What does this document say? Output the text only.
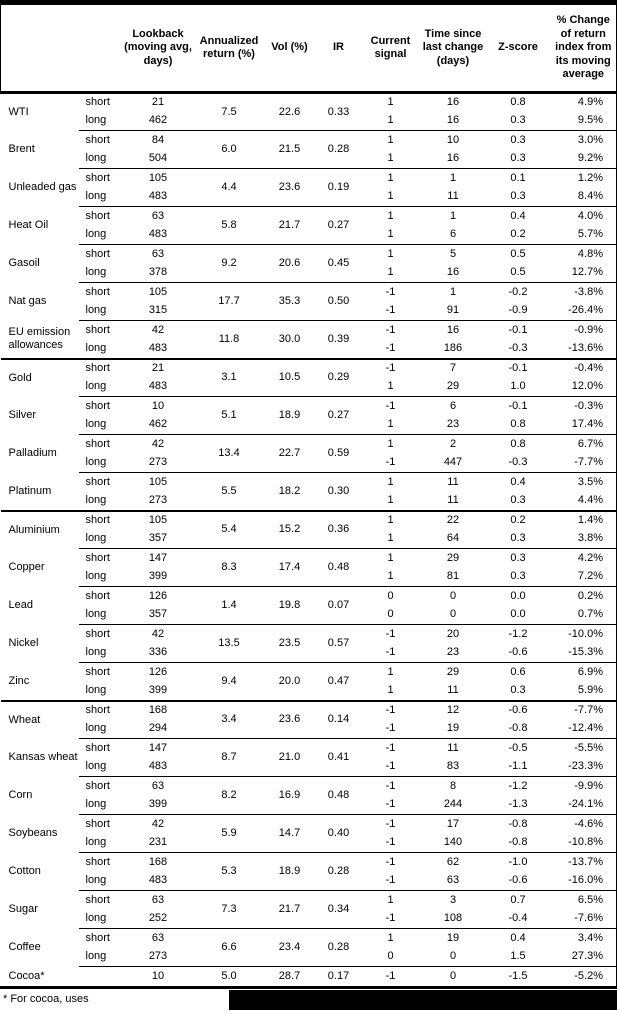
		Lookback (moving avg, days)	Annualized return (%)	Vol (%)	IR	Current signal	Time since last change (days)	Z-score	% Change of return index from its moving average
WTI	short	21	7.5	22.6	0.33	1	16	0.8	4.9%
	long	462				1	16	0.3	9.5%
Brent	short	84	6.0	21.5	0.28	1	10	0.3	3.0%
	long	504				1	16	0.3	9.2%
Unleaded gas	short	105	4.4	23.6	0.19	1	1	0.1	1.2%
	long	483				1	11	0.3	8.4%
Heat Oil	short	63	5.8	21.7	0.27	1	1	0.4	4.0%
	long	483				1	6	0.2	5.7%
Gasoil	short	63	9.2	20.6	0.45	1	5	0.5	4.8%
	long	378				1	16	0.5	12.7%
Nat gas	short	105	17.7	35.3	0.50	-1	1	-0.2	-3.8%
	long	315				-1	91	-0.9	-26.4%
EU emission allowances	short	42	11.8	30.0	0.39	-1	16	-0.1	-0.9%
	long	483				-1	186	-0.3	-13.6%
Gold	short	21	3.1	10.5	0.29	-1	7	-0.1	-0.4%
	long	483				1	29	1.0	12.0%
Silver	short	10	5.1	18.9	0.27	-1	6	-0.1	-0.3%
	long	462				1	23	0.8	17.4%
Palladium	short	42	13.4	22.7	0.59	1	2	0.8	6.7%
	long	273				-1	447	-0.3	-7.7%
Platinum	short	105	5.5	18.2	0.30	1	11	0.4	3.5%
	long	273				1	11	0.3	4.4%
Aluminium	short	105	5.4	15.2	0.36	1	22	0.2	1.4%
	long	357				1	64	0.3	3.8%
Copper	short	147	8.3	17.4	0.48	1	29	0.3	4.2%
	long	399				1	81	0.3	7.2%
Lead	short	126	1.4	19.8	0.07	0	0	0.0	0.2%
	long	357				0	0	0.0	0.7%
Nickel	short	42	13.5	23.5	0.57	-1	20	-1.2	-10.0%
	long	336				-1	23	-0.6	-15.3%
Zinc	short	126	9.4	20.0	0.47	1	29	0.6	6.9%
	long	399				1	11	0.3	5.9%
Wheat	short	168	3.4	23.6	0.14	-1	12	-0.6	-7.7%
	long	294				-1	19	-0.8	-12.4%
Kansas wheat	short	147	8.7	21.0	0.41	-1	11	-0.5	-5.5%
	long	483				-1	83	-1.1	-23.3%
Corn	short	63	8.2	16.9	0.48	-1	8	-1.2	-9.9%
	long	399				-1	244	-1.3	-24.1%
Soybeans	short	42	5.9	14.7	0.40	-1	17	-0.8	-4.6%
	long	231				-1	140	-0.8	-10.8%
Cotton	short	168	5.3	18.9	0.28	-1	62	-1.0	-13.7%
	long	483				-1	63	-0.6	-16.0%
Sugar	short	63	7.3	21.7	0.34	1	3	0.7	6.5%
	long	252				-1	108	-0.4	-7.6%
Coffee	short	63	6.6	23.4	0.28	1	19	0.4	3.4%
	long	273				0	0	1.5	27.3%
Cocoa*		10	5.0	28.7	0.17	-1	0	-1.5	-5.2%
* For cocoa, uses
